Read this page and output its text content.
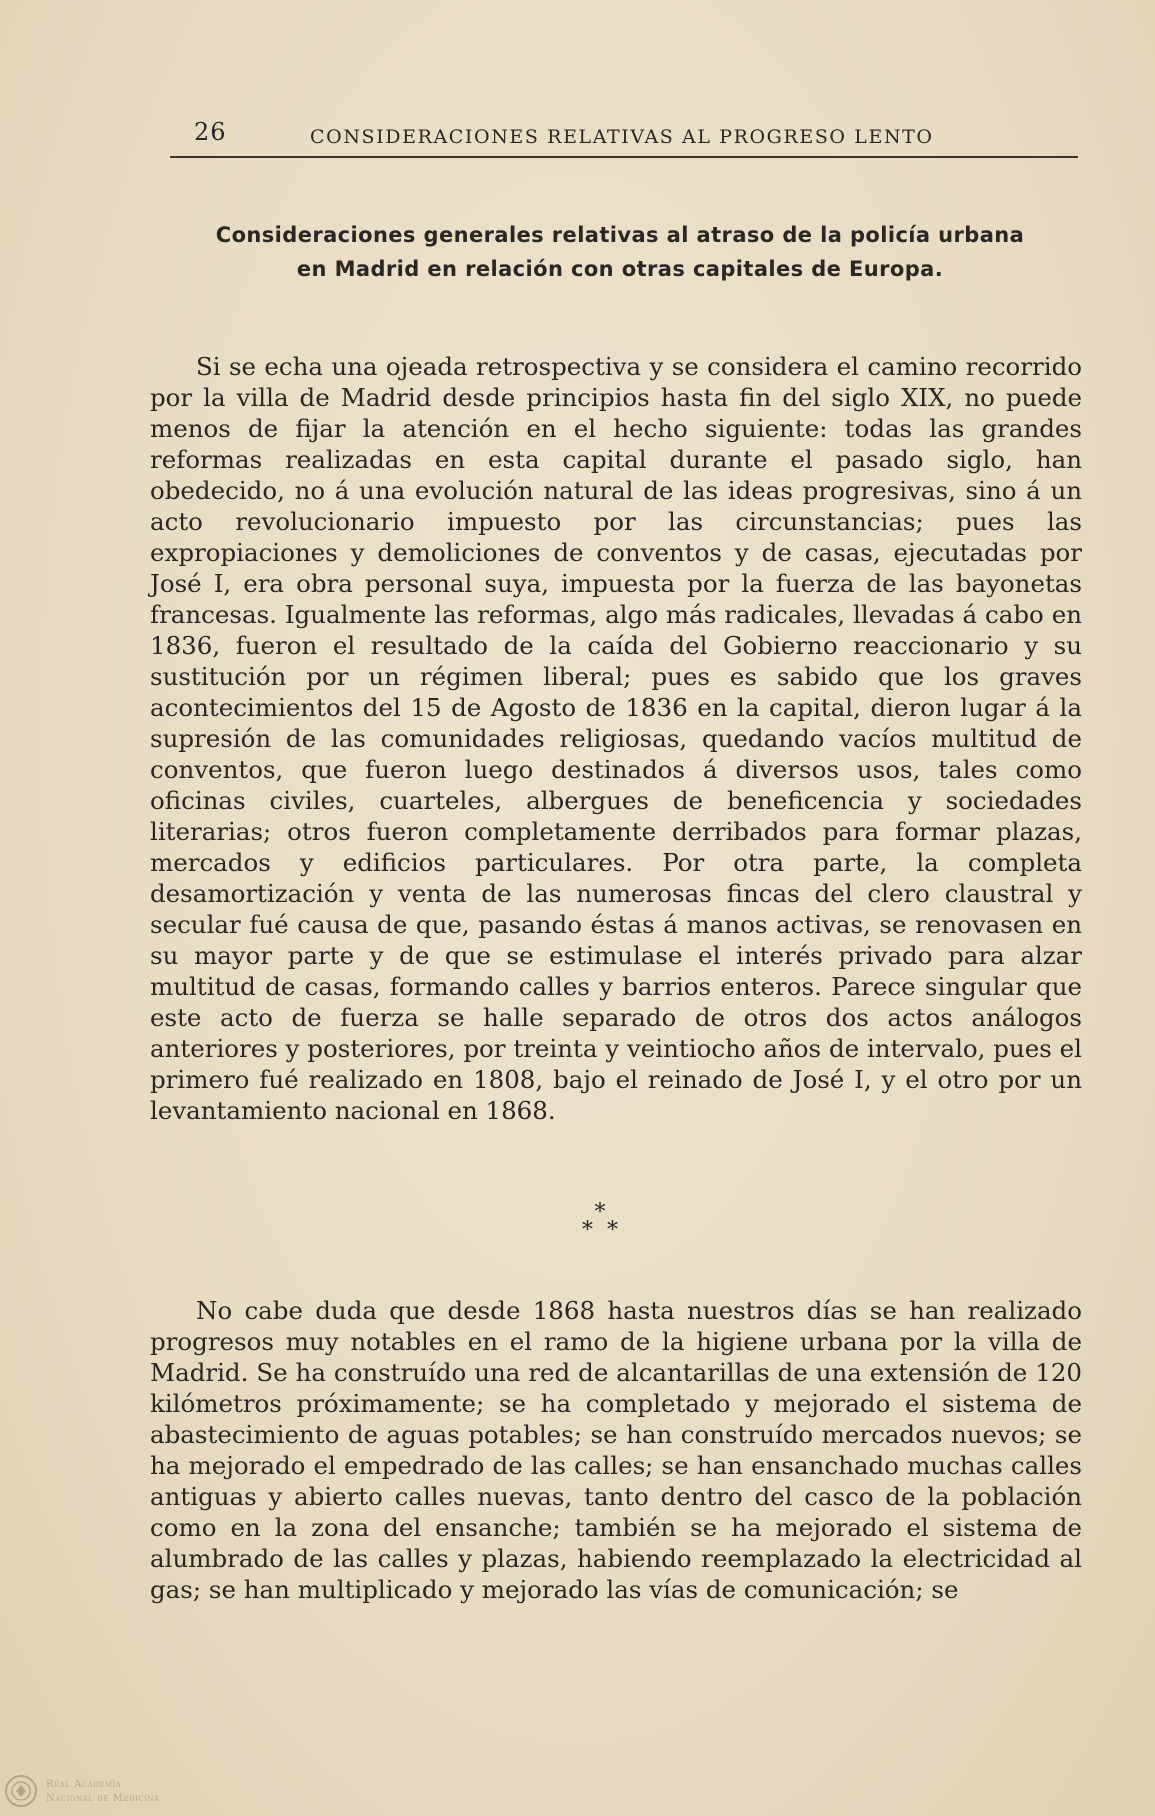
26	CONSIDERACIONES RELATIVAS AL PROGRESO LENTO
Consideraciones generales relativas al atraso de la policía urbana
en Madrid en relación con otras capitales de Europa.

Si se echa una ojeada retrospectiva y se considera el camino recorrido por la villa de Madrid desde principios hasta fin del siglo XIX, no puede menos de fijar la atención en el hecho siguiente: todas las grandes reformas realizadas en esta capital durante el pasado siglo, han obedecido, no á una evolución natural de las ideas progresivas, sino á un acto revolucionario impuesto por las circunstancias; pues las expropiaciones y demoliciones de conventos y de casas, ejecutadas por José I, era obra personal suya, impuesta por la fuerza de las bayonetas francesas. Igualmente las reformas, algo más radicales, llevadas á cabo en 1836, fueron el resultado de la caída del Gobierno reaccionario y su sustitución por un régimen liberal; pues es sabido que los graves acontecimientos del 15 de Agosto de 1836 en la capital, dieron lugar á la supresión de las comunidades religiosas, quedando vacíos multitud de conventos, que fueron luego destinados á diversos usos, tales como oficinas civiles, cuarteles, albergues de beneficencia y sociedades literarias; otros fueron completamente derribados para formar plazas, mercados y edificios particulares. Por otra parte, la completa desamortización y venta de las numerosas fincas del clero claustral y secular fué causa de que, pasando éstas á manos activas, se renovasen en su mayor parte y de que se estimulase el interés privado para alzar multitud de casas, formando calles y barrios enteros. Parece singular que este acto de fuerza se halle separado de otros dos actos análogos anteriores y posteriores, por treinta y veintiocho años de intervalo, pues el primero fué realizado en 1808, bajo el reinado de José I, y el otro por un levantamiento nacional en 1868.

*
**

No cabe duda que desde 1868 hasta nuestros días se han realizado progresos muy notables en el ramo de la higiene urbana por la villa de Madrid. Se ha construído una red de alcantarillas de una extensión de 120 kilómetros próximamente; se ha completado y mejorado el sistema de abastecimiento de aguas potables; se han construído mercados nuevos; se ha mejorado el empedrado de las calles; se han ensanchado muchas calles antiguas y abierto calles nuevas, tanto dentro del casco de la población como en la zona del ensanche; también se ha mejorado el sistema de alumbrado de las calles y plazas, habiendo reemplazado la electricidad al gas; se han multiplicado y mejorado las vías de comunicación; se

Real Academia
Nacional de Medicina
